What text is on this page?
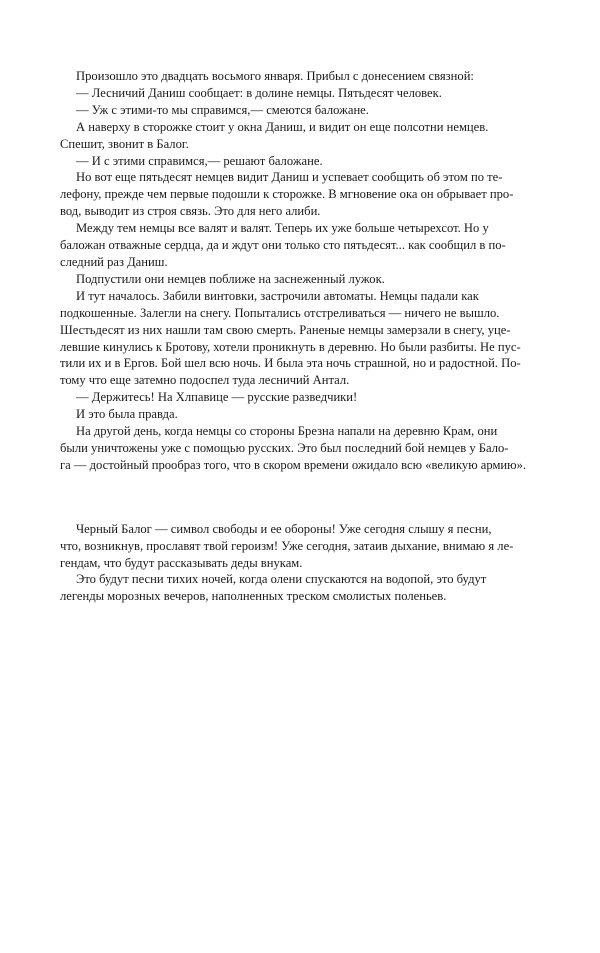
Произошло это двадцать восьмого января. Прибыл с донесением связной:

— Лесничий Даниш сообщает: в долине немцы. Пятьдесят человек.

— Уж с этими-то мы справимся,— смеются баложане.

А наверху в сторожке стоит у окна Даниш, и видит он еще полсотни немцев.
Спешит, звонит в Балог.

— И с этими справимся,— решают баложане.

Но вот еще пятьдесят немцев видит Даниш и успевает сообщить об этом по те-
лефону, прежде чем первые подошли к сторожке. В мгновение ока он обрывает про-
вод, выводит из строя связь. Это для него алиби.

Между тем немцы все валят и валят. Теперь их уже больше четырехсот. Но у
баложан отважные сердца, да и ждут они только сто пятьдесят... как сообщил в по-
следний раз Даниш.

Подпустили они немцев поближе на заснеженный лужок.

И тут началось. Забили винтовки, застрочили автоматы. Немцы падали как
подкошенные. Залегли на снегу. Попытались отстреливаться — ничего не вышло.
Шестьдесят из них нашли там свою смерть. Раненые немцы замерзали в снегу, уце-
левшие кинулись к Бротову, хотели проникнуть в деревню. Но были разбиты. Не пус-
тили их и в Ергов. Бой шел всю ночь. И была эта ночь страшной, но и радостной. По-
тому что еще затемно подоспел туда лесничий Антал.

— Держитесь! На Хлпавице — русские разведчики!

И это была правда.

На другой день, когда немцы со стороны Брезна напали на деревню Крам, они
были уничтожены уже с помощью русских. Это был последний бой немцев у Бало-
га — достойный прообраз того, что в скором времени ожидало всю «великую армию».

Черный Балог — символ свободы и ее обороны! Уже сегодня слышу я песни,
что, возникнув, прославят твой героизм! Уже сегодня, затаив дыхание, внимаю я ле-
гендам, что будут рассказывать деды внукам.

Это будут песни тихих ночей, когда олени спускаются на водопой, это будут
легенды морозных вечеров, наполненных треском смолистых поленьев.
